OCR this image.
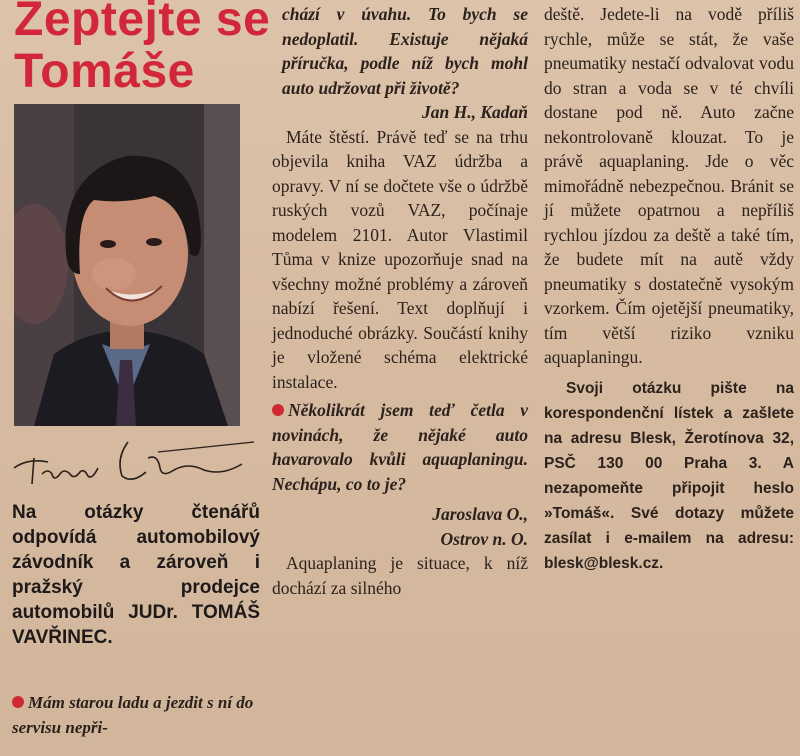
Zeptejte se
Tomáše
Na otázky čtenářů odpovídá automobilový závodník a zároveň i pražský prodejce automobilů JUDr. TOMÁŠ VAVŘINEC.
Mám starou ladu a jezdit s ní do servisu nepři-

chází v úvahu. To bych se nedoplatil. Existuje nějaká příručka, podle níž bych mohl auto udržovat při životě?

Jan H., Kadaň

Máte štěstí. Právě teď se na trhu objevila kniha VAZ údržba a opravy. V ní se dočtete vše o údržbě ruských vozů VAZ, počínaje modelem 2101. Autor Vlastimil Tůma v knize upozorňuje snad na všechny možné problémy a zároveň nabízí řešení. Text doplňují i jednoduché obrázky. Součástí knihy je vložené schéma elektrické instalace.

Několikrát jsem teď četla v novinách, že nějaké auto havarovalo kvůli aquaplaningu. Nechápu, co to je?

Jaroslava O.,
Ostrov n. O.

Aquaplaning je situace, k níž dochází za silného

deště. Jedete-li na vodě příliš rychle, může se stát, že vaše pneumatiky nestačí odvalovat vodu do stran a voda se v té chvíli dostane pod ně. Auto začne nekontrolovaně klouzat. To je právě aquaplaning. Jde o věc mimořádně nebezpečnou. Bránit se jí můžete opatrnou a nepříliš rychlou jízdou za deště a také tím, že budete mít na autě vždy pneumatiky s dostatečně vysokým vzorkem. Čím ojetější pneumatiky, tím větší riziko vzniku aquaplaningu.

Svoji otázku pište na korespondenční lístek a zašlete na adresu Blesk, Žerotínova 32, PSČ 130 00 Praha 3. A nezapomeňte připojit heslo »Tomáš«. Své dotazy můžete zasílat i e-mailem na adresu: blesk@blesk.cz.
